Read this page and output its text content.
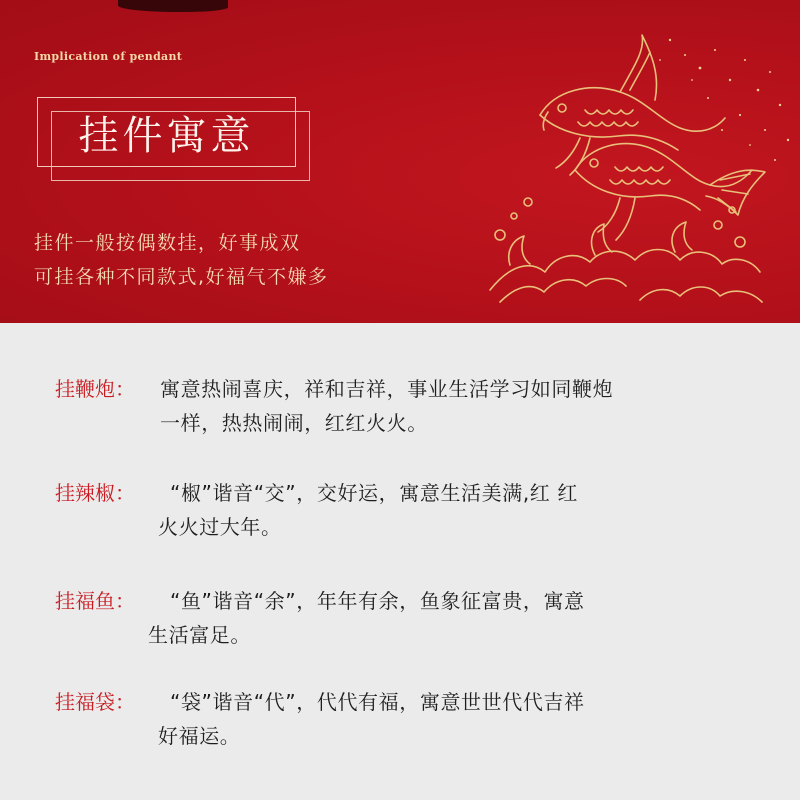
Implication of pendant
挂件寓意
挂件一般按偶数挂，好事成双
可挂各种不同款式,好福气不嫌多
挂鞭炮： 寓意热闹喜庆，祥和吉祥，事业生活学习如同鞭炮
一样，热热闹闹，红红火火。
挂辣椒： “椒”谐音“交”，交好运，寓意生活美满,红 红
火火过大年。
挂福鱼： “鱼”谐音“余”，年年有余，鱼象征富贵，寓意
生活富足。
挂福袋： “袋”谐音“代”，代代有福，寓意世世代代吉祥
好福运。
